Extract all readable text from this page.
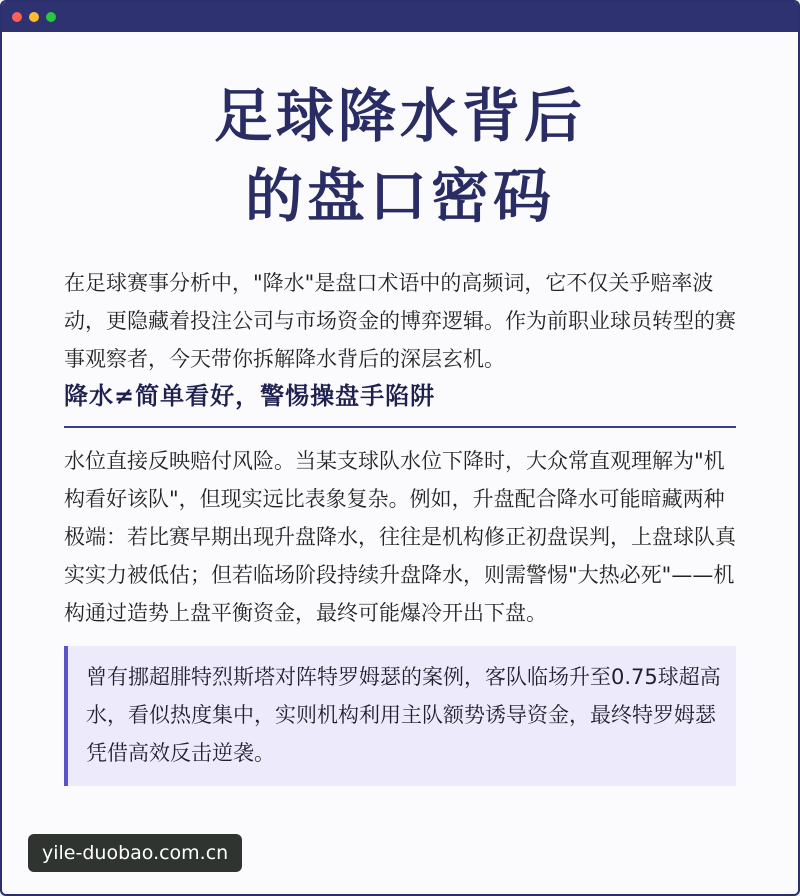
足球降水背后
的盘口密码

在足球赛事分析中，"降水"是盘口术语中的高频词，它不仅关乎赔率波动，更隐藏着投注公司与市场资金的博弈逻辑。作为前职业球员转型的赛事观察者，今天带你拆解降水背后的深层玄机。

降水≠简单看好，警惕操盘手陷阱

水位直接反映赔付风险。当某支球队水位下降时，大众常直观理解为"机构看好该队"，但现实远比表象复杂。例如，升盘配合降水可能暗藏两种极端：若比赛早期出现升盘降水，往往是机构修正初盘误判，上盘球队真实实力被低估；但若临场阶段持续升盘降水，则需警惕"大热必死"——机构通过造势上盘平衡资金，最终可能爆冷开出下盘。

曾有挪超腓特烈斯塔对阵特罗姆瑟的案例，客队临场升至0.75球超高水，看似热度集中，实则机构利用主队额势诱导资金，最终特罗姆瑟凭借高效反击逆袭。

yile-duobao.com.cn
